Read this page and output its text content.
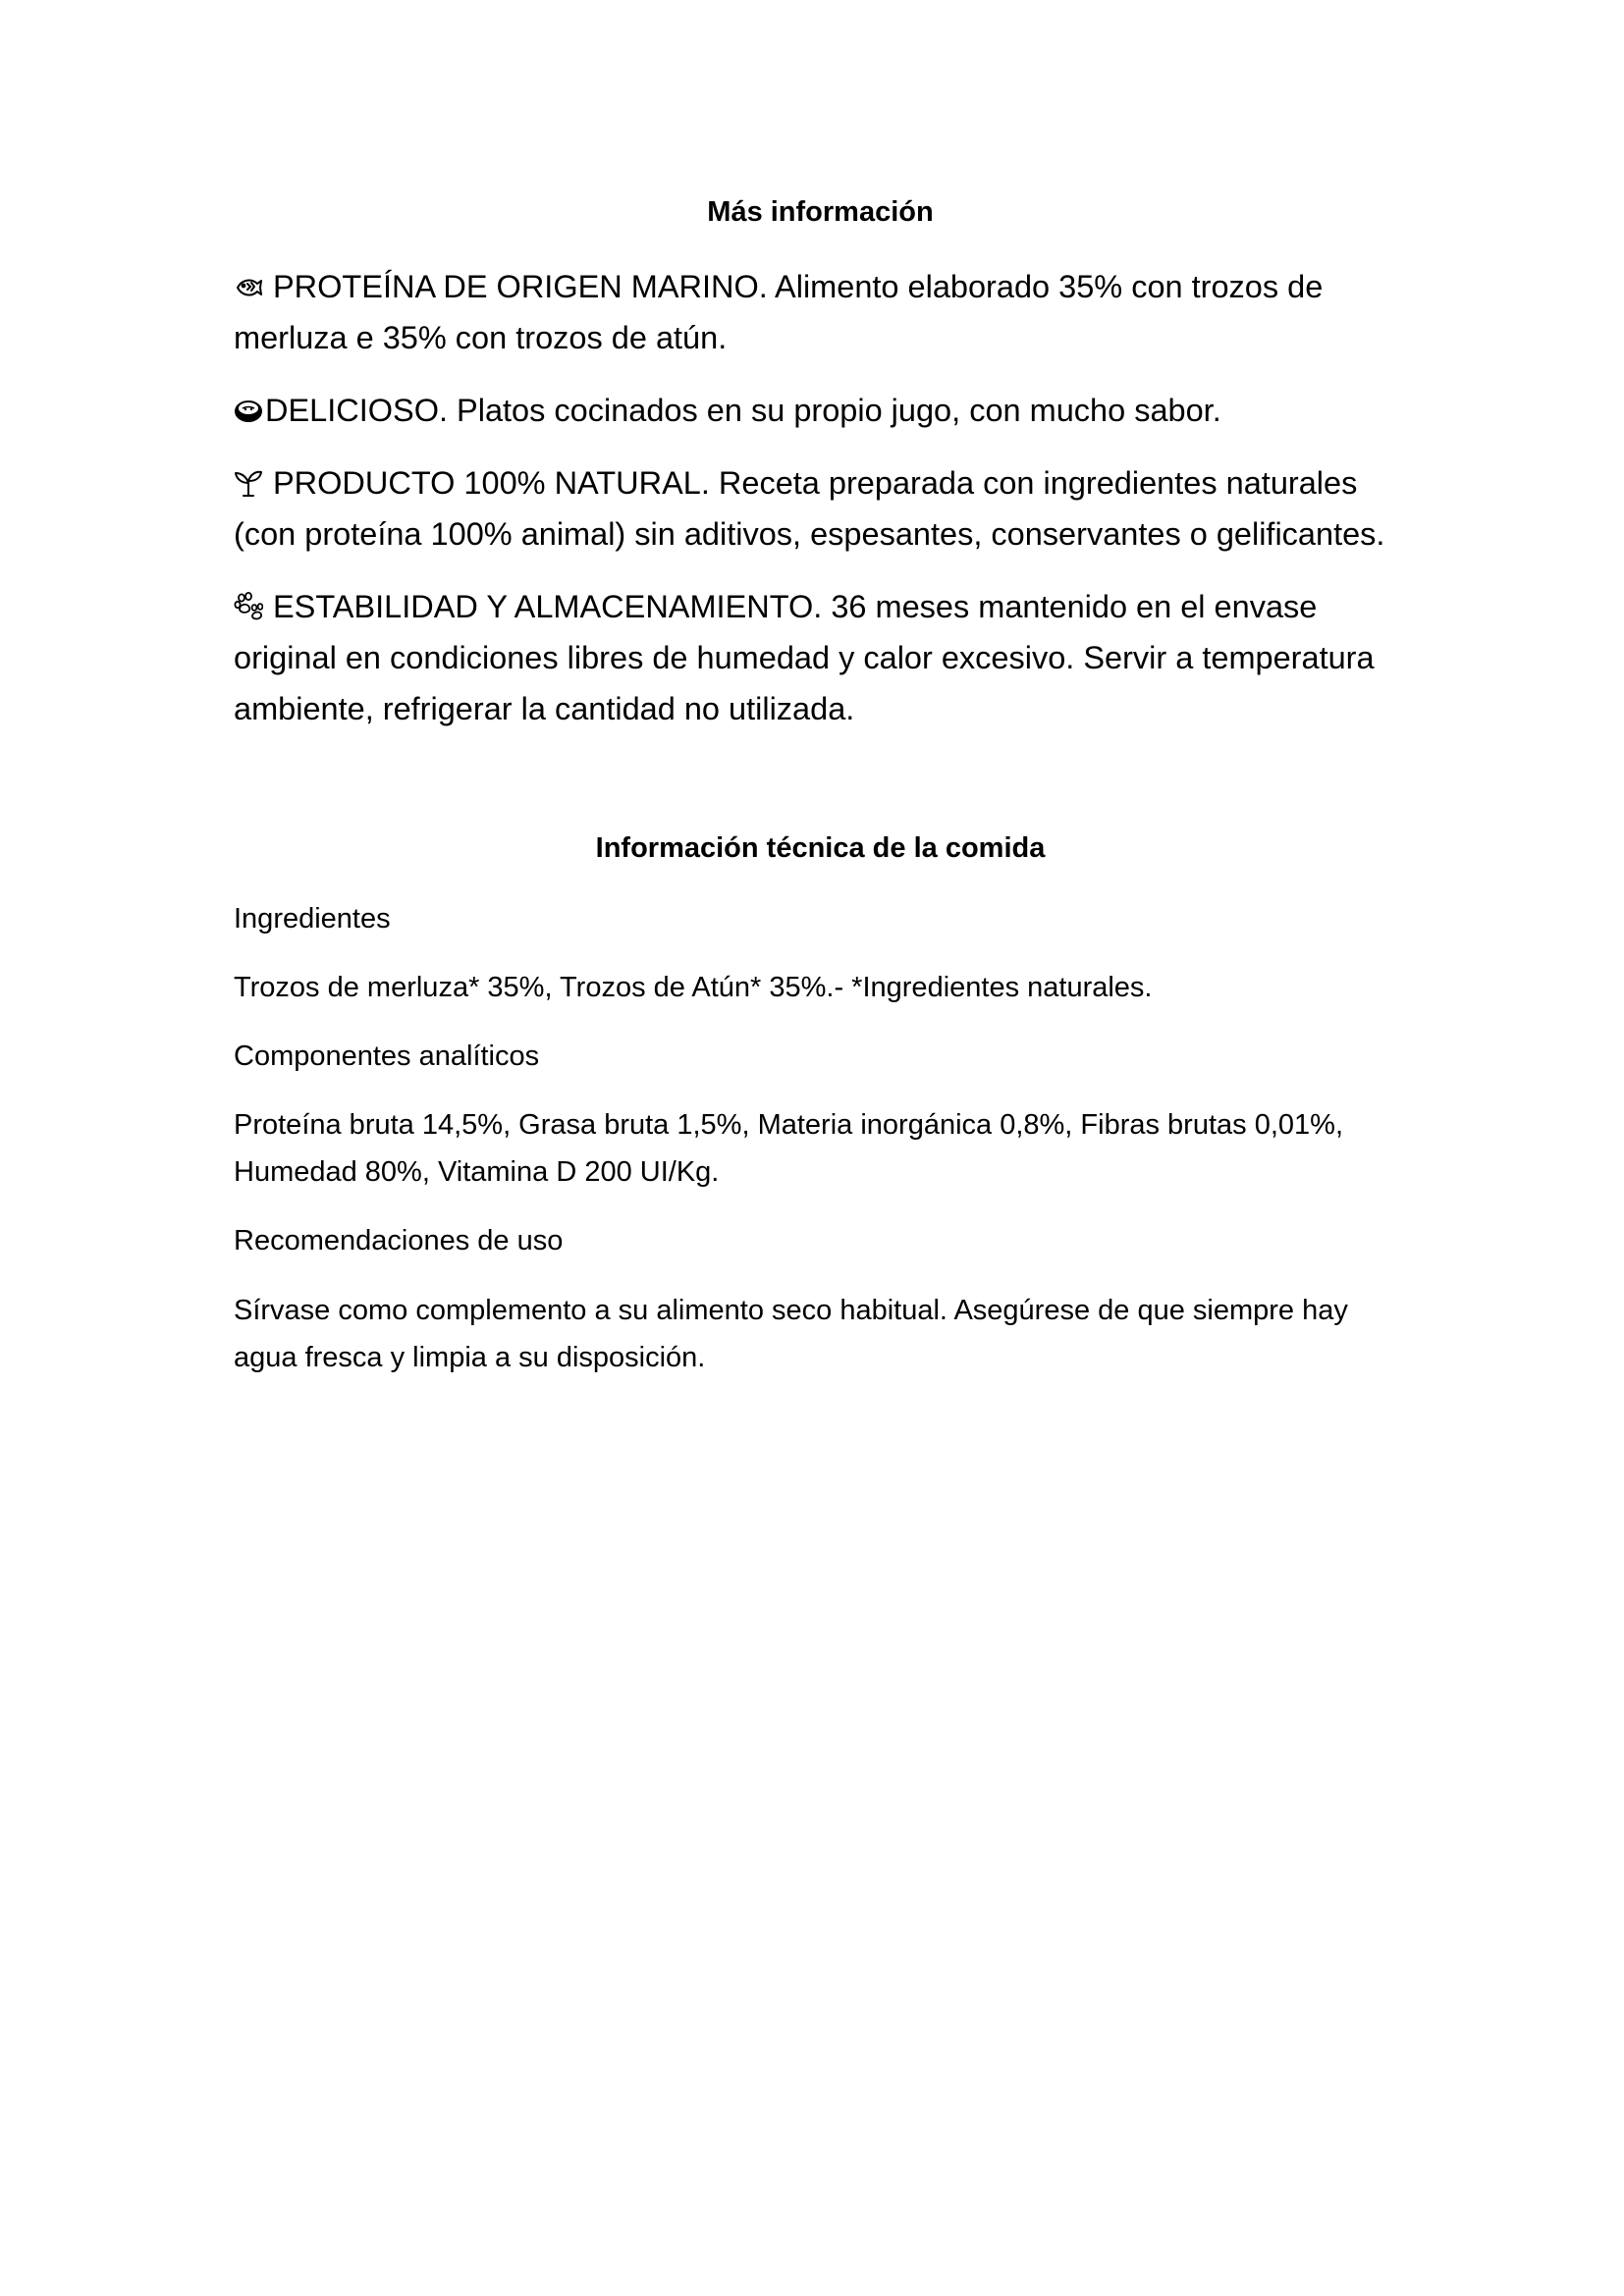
Más información

PROTEÍNA DE ORIGEN MARINO. Alimento elaborado 35% con trozos de merluza e 35% con trozos de atún.

DELICIOSO. Platos cocinados en su propio jugo, con mucho sabor.

PRODUCTO 100% NATURAL. Receta preparada con ingredientes naturales (con proteína 100% animal) sin aditivos, espesantes, conservantes o gelificantes.

ESTABILIDAD Y ALMACENAMIENTO. 36 meses mantenido en el envase original en condiciones libres de humedad y calor excesivo. Servir a temperatura ambiente, refrigerar la cantidad no utilizada.

Información técnica de la comida

Ingredientes

Trozos de merluza* 35%, Trozos de Atún* 35%.- *Ingredientes naturales.

Componentes analíticos

Proteína bruta 14,5%, Grasa bruta 1,5%, Materia inorgánica 0,8%, Fibras brutas 0,01%, Humedad 80%, Vitamina D 200 UI/Kg.

Recomendaciones de uso

Sírvase como complemento a su alimento seco habitual. Asegúrese de que siempre hay agua fresca y limpia a su disposición.
